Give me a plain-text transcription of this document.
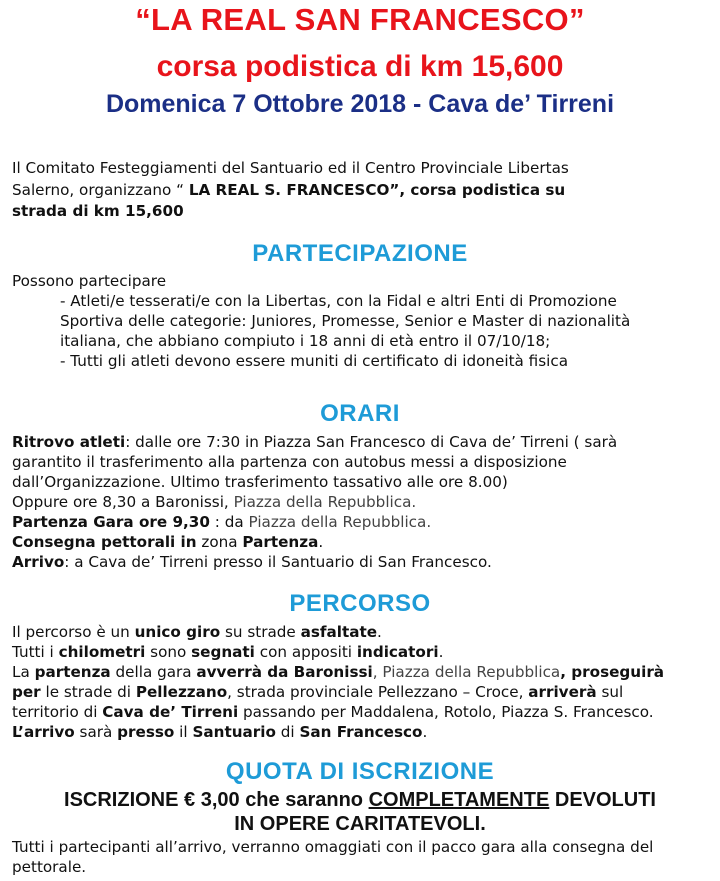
“LA REAL SAN FRANCESCO”
corsa podistica di km 15,600
Domenica 7 Ottobre 2018 - Cava de’ Tirreni
Il Comitato Festeggiamenti del Santuario ed il Centro Provinciale Libertas
Salerno, organizzano “ LA REAL S. FRANCESCO”, corsa podistica su
strada di km 15,600
PARTECIPAZIONE
Possono partecipare
- Atleti/e tesserati/e con la Libertas, con la Fidal e altri Enti di Promozione
Sportiva delle categorie: Juniores, Promesse, Senior e Master di nazionalità
italiana, che abbiano compiuto i 18 anni di età entro il 07/10/18;
- Tutti gli atleti devono essere muniti di certificato di idoneità fisica
ORARI
Ritrovo atleti: dalle ore 7:30 in Piazza San Francesco di Cava de’ Tirreni ( sarà
garantito il trasferimento alla partenza con autobus messi a disposizione
dall’Organizzazione. Ultimo trasferimento tassativo alle ore 8.00)
Oppure ore 8,30 a Baronissi, Piazza della Repubblica.
Partenza Gara ore 9,30 : da Piazza della Repubblica.
Consegna pettorali in zona Partenza.
Arrivo: a Cava de’ Tirreni presso il Santuario di San Francesco.
PERCORSO
Il percorso è un unico giro su strade asfaltate.
Tutti i chilometri sono segnati con appositi indicatori.
La partenza della gara avverrà da Baronissi, Piazza della Repubblica, proseguirà
per le strade di Pellezzano, strada provinciale Pellezzano – Croce, arriverà sul
territorio di Cava de’ Tirreni passando per Maddalena, Rotolo, Piazza S. Francesco.
L’arrivo sarà presso il Santuario di San Francesco.
QUOTA DI ISCRIZIONE
ISCRIZIONE € 3,00 che saranno COMPLETAMENTE DEVOLUTI
IN OPERE CARITATEVOLI.
Tutti i partecipanti all’arrivo, verranno omaggiati con il pacco gara alla consegna del
pettorale.
